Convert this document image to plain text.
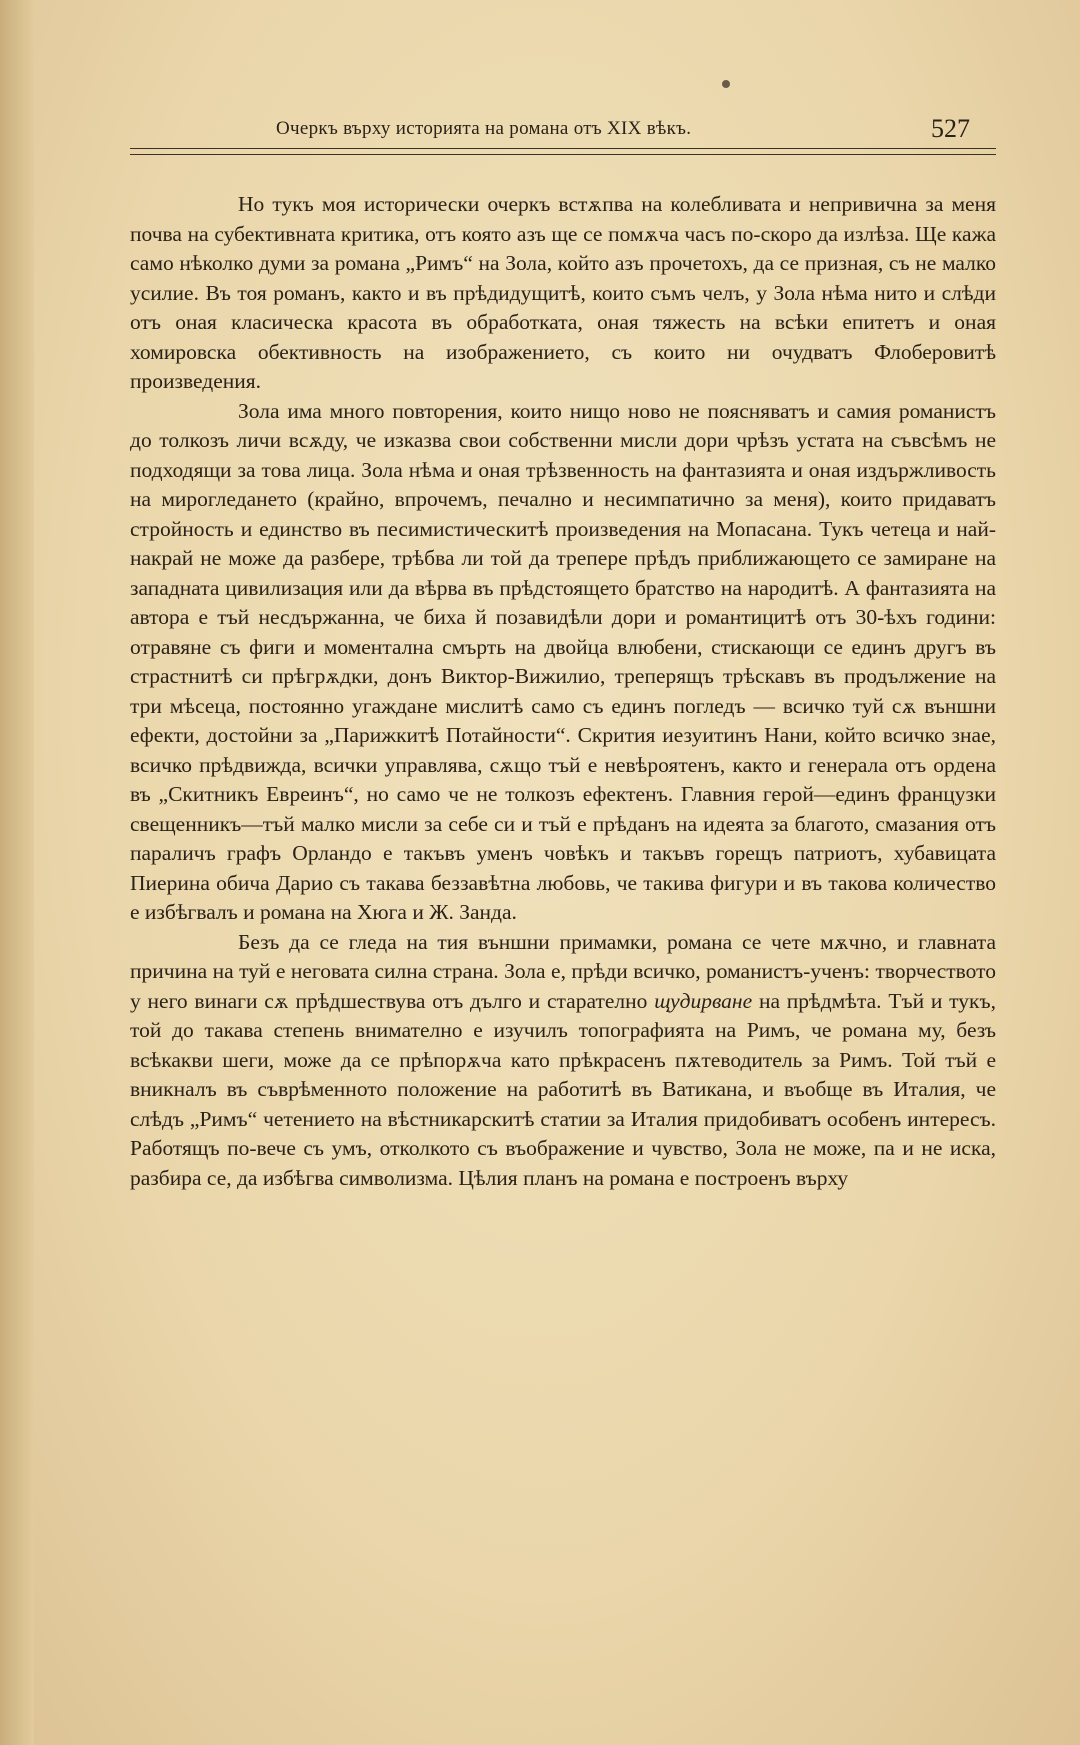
Очеркъ върху историята на романа отъ XIX вѣкъ.	527

Но тукъ моя исторически очеркъ встѫпва на колебливата и непривична за меня почва на субективната критика, отъ която азъ ще се помѫча часъ по-скоро да излѣза. Ще кажа само нѣколко думи за романа „Римъ“ на Зола, който азъ прочетохъ, да се призная, съ не малко усилие. Въ тоя романъ, както и въ прѣдидущитѣ, които съмъ челъ, у Зола нѣма нито и слѣди отъ оная класическа красота въ обработката, оная тяжесть на всѣки епитетъ и оная хомировска обективность на изображението, съ които ни очудватъ Флоберовитѣ произведения.

Зола има много повторения, които нищо ново не поясняватъ и самия романистъ до толкозъ личи вcѫду, че изказва свои собственни мисли дори чрѣзъ устата на съвсѣмъ не подходящи за това лица. Зола нѣма и оная трѣзвенность на фантазията и оная издържливость на мирогледането (крайно, впрочемъ, печално и несимпатично за меня), които придаватъ стройность и единство въ песимистическитѣ произведения на Мопасана. Тукъ четеца и най-накрай не може да разбере, трѣбва ли той да трепере прѣдъ приближающето се замиране на западната цивилизация или да вѣрва въ прѣдстоящето братство на народитѣ. А фантазията на автора е тъй несдържанна, че биха й позавидѣли дори и романтицитѣ отъ 30-ѣхъ години: отравяне съ фиги и моментална смърть на двойца влюбени, стискающи се единъ другъ въ страстнитѣ си прѣгрѫдки, донъ Виктор-Вижилио, трепeрящъ трѣскавъ въ продължение на три мѣсеца, постоянно угаждане мислитѣ само съ единъ погледъ — всичко туй сѫ външни ефекти, достойни за „Парижкитѣ Потайности“. Скрития иезуитинъ Нани, който всичко знае, всичко прѣдвижда, всички управлява, сѫщо тъй е невѣроятенъ, както и генерала отъ ордена въ „Скитникъ Евреинъ“, но само че не толкозъ ефектенъ. Главния герой—единъ францyзки свещенникъ—тъй малко мисли за себе си и тъй е прѣданъ на идеята за благото, смазания отъ параличъ графъ Орландо е такъвъ уменъ човѣкъ и такъвъ горещъ патриотъ, хубавицата Пиерина обича Дарио съ такава беззавѣтна любовь, че такива фигури и въ такова количество е избѣгвалъ и романа на Хюга и Ж. Занда.

Безъ да се гледа на тия външни примамки, романа се чете мѫчно, и главната причина на туй е неговата силна страна. Зола е, прѣди всичко, романистъ-ученъ: творчеството у него винаги сѫ прѣдшествува отъ дълго и старателно щудирване на прѣдмѣта. Тъй и тукъ, той до такава степень внимателно е изучилъ топографията на Римъ, че романа му, безъ всѣкакви шеги, може да се прѣпорѫча като прѣкрасенъ пѫтеводитель за Римъ. Той тъй е вникналъ въ съврѣменното положение на работитѣ въ Ватикана, и въобще въ Италия, че слѣдъ „Римъ“ четението на вѣстникарскитѣ статии за Италия придобиватъ особенъ интересъ. Работящъ по-вече съ умъ, отколкото съ въображение и чувство, Зола не може, па и не иска, разбира се, да избѣгва символизма. Цѣлия планъ на романа е построенъ върху
